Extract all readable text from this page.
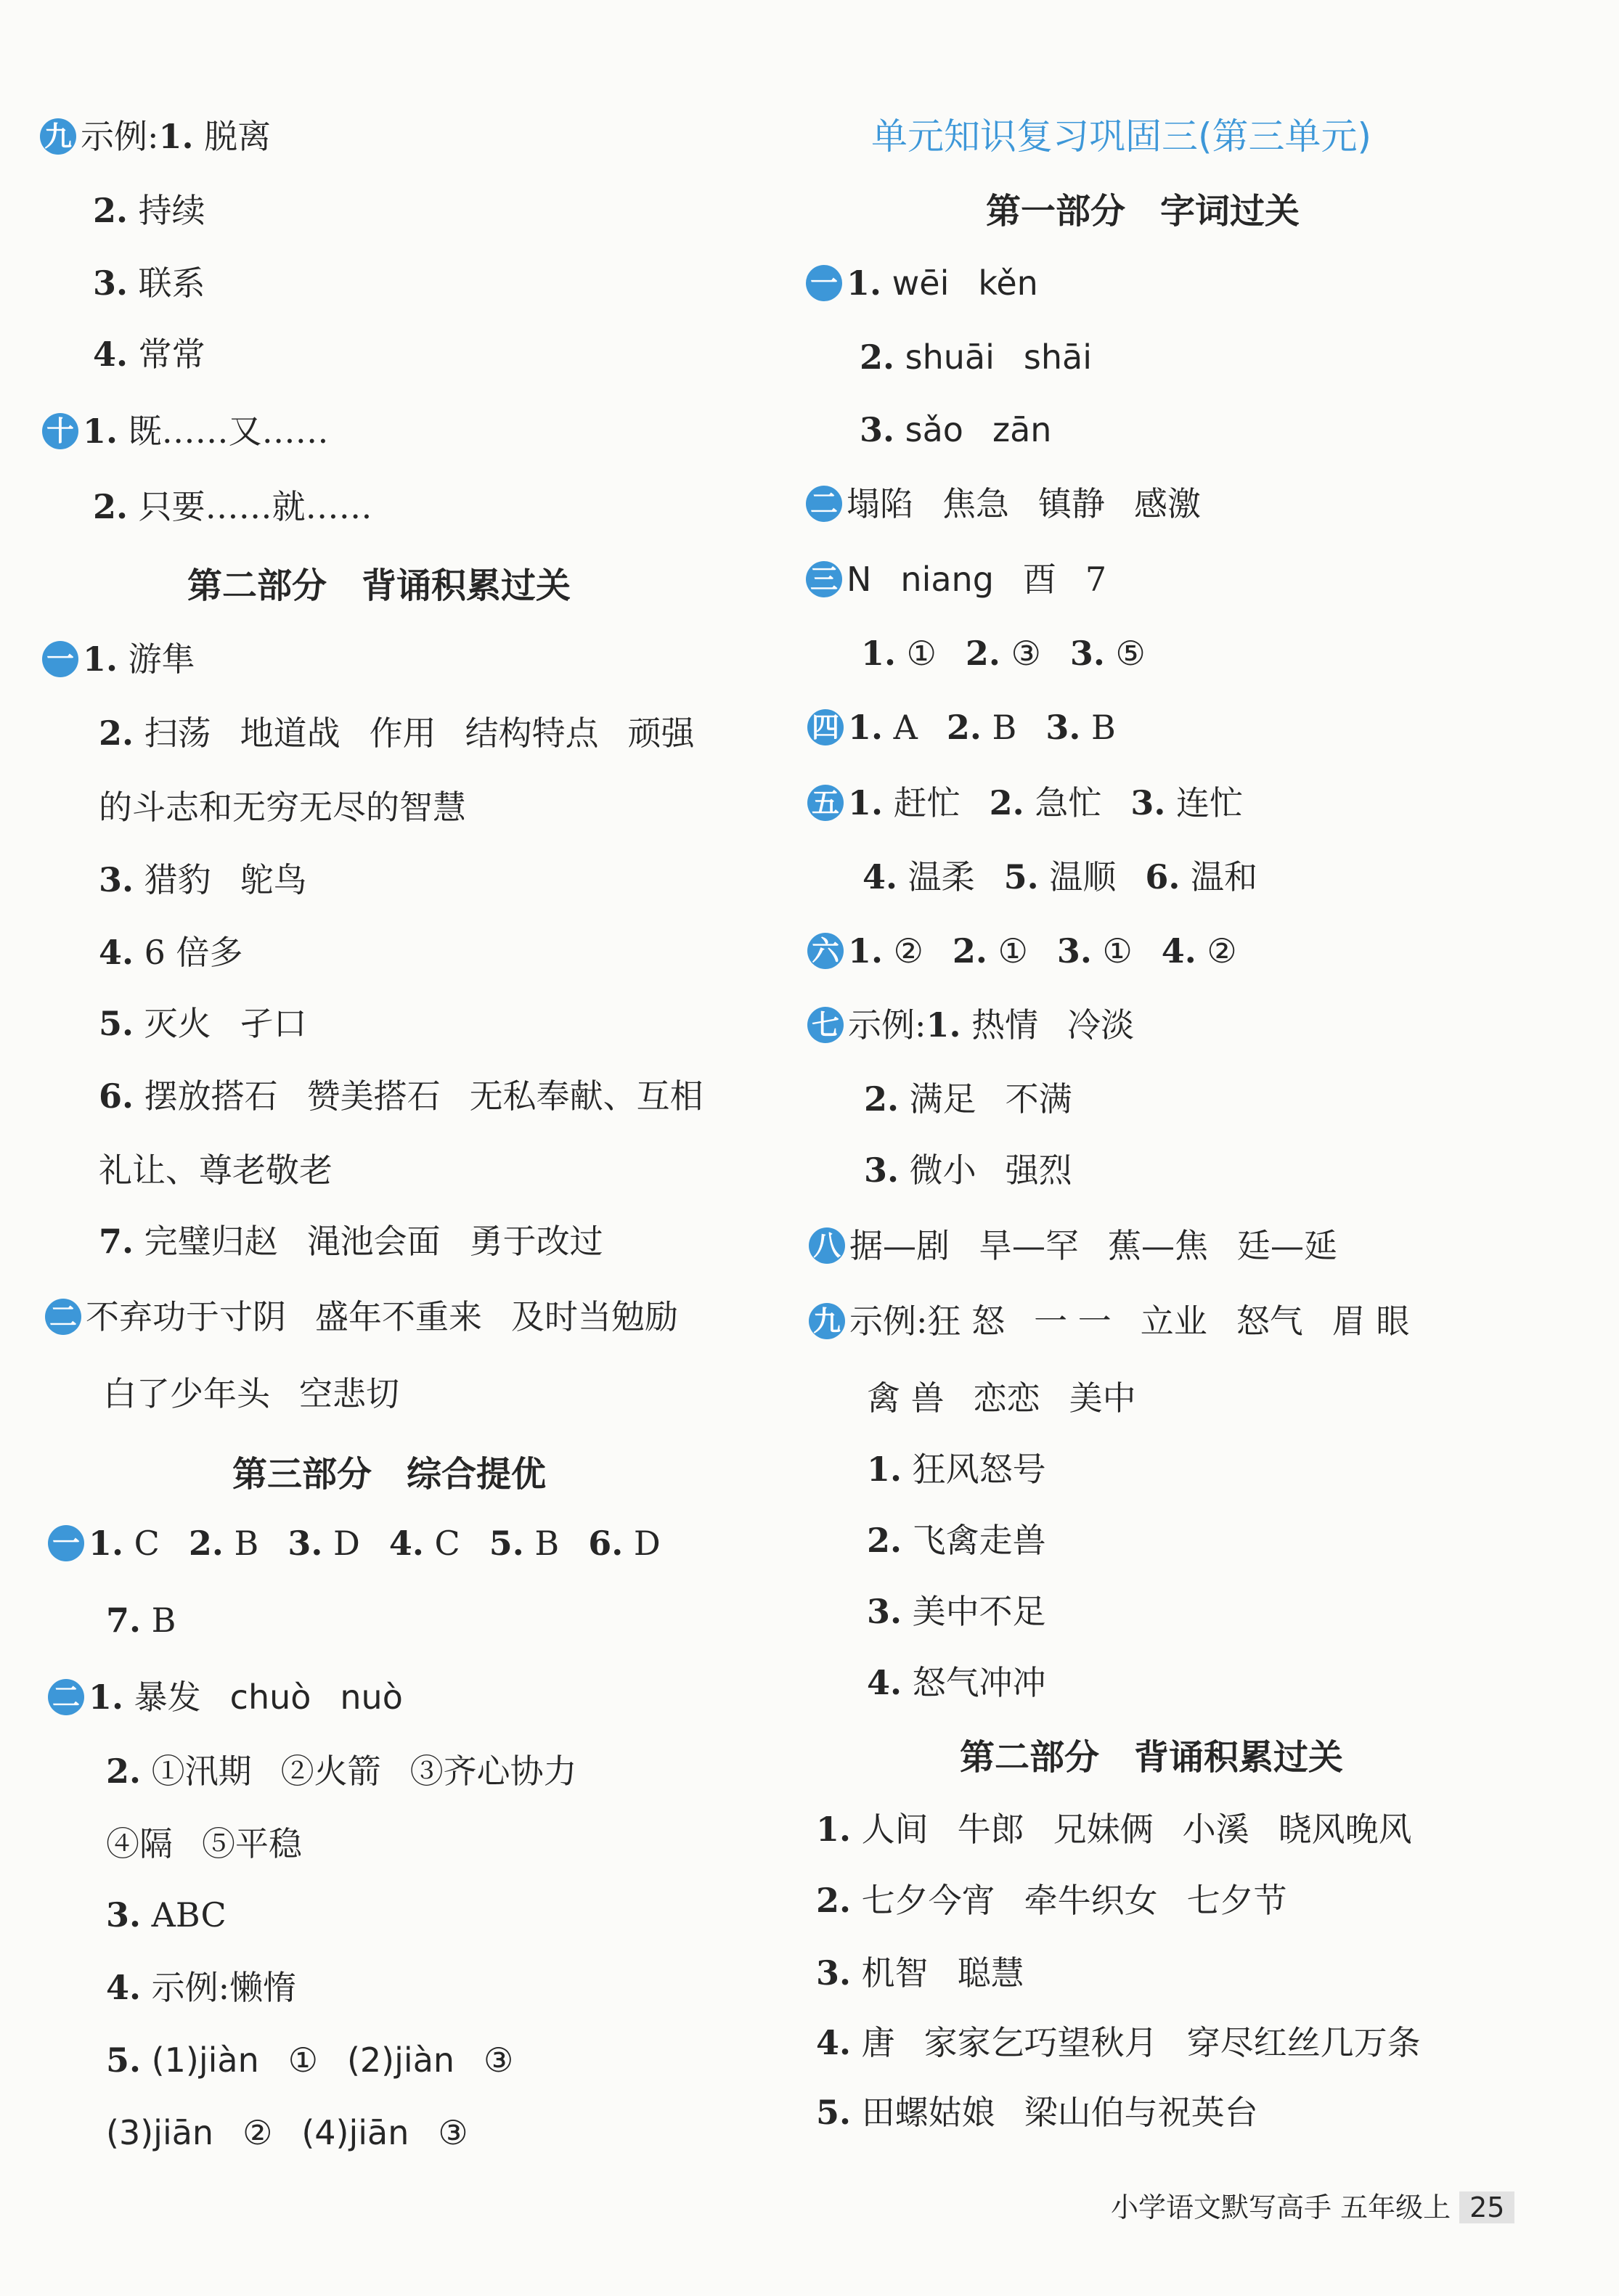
九 示例:1. 脱离
2. 持续
3. 联系
4. 常常
十 1. 既……又……
2. 只要……就……
第二部分　背诵积累过关
一 1. 游隼
2. 扫荡 地道战 作用 结构特点 顽强
的斗志和无穷无尽的智慧
3. 猎豹 鸵鸟
4. 6 倍多
5. 灭火 孑口
6. 摆放搭石 赞美搭石 无私奉献、互相
礼让、尊老敬老
7. 完璧归赵 渑池会面 勇于改过
二 不弃功于寸阴 盛年不重来 及时当勉励
白了少年头 空悲切
第三部分　综合提优
一 1. C 2. B 3. D 4. C 5. B 6. D
7. B
二 1. 暴发 chuò nuò
2. ①汛期 ②火箭 ③齐心协力
④隔 ⑤平稳
3. ABC
4. 示例:懒惰
5. (1)jiàn ① (2)jiàn ③
(3)jiān ② (4)jiān ③
单元知识复习巩固三(第三单元)
第一部分　字词过关
一 1. wēi kěn
2. shuāi shāi
3. sǎo zān
二 塌陷 焦急 镇静 感激
三 N niang 酉 7
1. ① 2. ③ 3. ⑤
四 1. A 2. B 3. B
五 1. 赶忙 2. 急忙 3. 连忙
4. 温柔 5. 温顺 6. 温和
六 1. ② 2. ① 3. ① 4. ②
七 示例:1. 热情 冷淡
2. 满足 不满
3. 微小 强烈
八 据—剧 旱—罕 蕉—焦 廷—延
九 示例:狂 怒 一 一 立业 怒气 眉 眼
禽 兽 恋恋 美中
1. 狂风怒号
2. 飞禽走兽
3. 美中不足
4. 怒气冲冲
第二部分　背诵积累过关
1. 人间 牛郎 兄妹俩 小溪 晓风晚风
2. 七夕今宵 牵牛织女 七夕节
3. 机智 聪慧
4. 唐 家家乞巧望秋月 穿尽红丝几万条
5. 田螺姑娘 梁山伯与祝英台
小学语文默写高手 五年级上 25
